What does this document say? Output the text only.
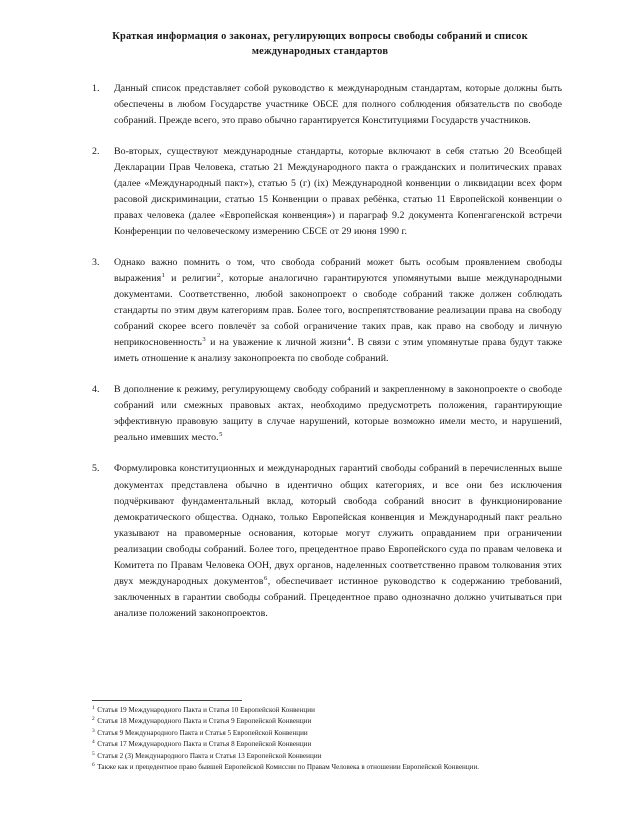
Краткая информация о законах, регулирующих вопросы свободы собраний и список международных стандартов
1.	Данный список представляет собой руководство к международным стандартам, которые должны быть обеспечены в любом Государстве участнике ОБСЕ для полного соблюдения обязательств по свободе собраний. Прежде всего, это право обычно гарантируется Конституциями Государств участников.
2.	Во-вторых, существуют международные стандарты, которые включают в себя статью 20 Всеобщей Декларации Прав Человека, статью 21 Международного пакта о гражданских и политических правах (далее «Международный пакт»), статью 5 (г) (ix) Международной конвенции о ликвидации всех форм расовой дискриминации, статью 15 Конвенции о правах ребёнка, статью 11 Европейской конвенции о правах человека (далее «Европейская конвенция») и параграф 9.2 документа Копенгагенской встречи Конференции по человеческому измерению СБСЕ от 29 июня 1990 г.
3.	Однако важно помнить о том, что свобода собраний может быть особым проявлением свободы выражения$^1$ и религии$^2$, которые аналогично гарантируются упомянутыми выше международными документами. Соответственно, любой законопроект о свободе собраний также должен соблюдать стандарты по этим двум категориям прав. Более того, воспрепятствование реализации права на свободу собраний скорее всего повлечёт за собой ограничение таких прав, как право на свободу и личную неприкосновенность$^3$ и на уважение к личной жизни$^4$. В связи с этим упомянутые права будут также иметь отношение к анализу законопроекта по свободе собраний.
4.	В дополнение к режиму, регулирующему свободу собраний и закрепленному в законопроекте о свободе собраний или смежных правовых актах, необходимо предусмотреть положения, гарантирующие эффективную правовую защиту в случае нарушений, которые возможно имели место, и нарушений, реально имевших место.$^5$
5.	Формулировка конституционных и международных гарантий свободы собраний в перечисленных выше документах представлена обычно в идентично общих категориях, и все они без исключения подчёркивают фундаментальный вклад, который свобода собраний вносит в функционирование демократического общества. Однако, только Европейская конвенция и Международный пакт реально указывают на правомерные основания, которые могут служить оправданием при ограничении реализации свободы собраний. Более того, прецедентное право Европейского суда по правам человека и Комитета по Правам Человека ООН, двух органов, наделенных соответственно правом толкования этих двух международных документов$^6$, обеспечивает истинное руководство к содержанию требований, заключенных в гарантии свободы собраний. Прецедентное право однозначно должно учитываться при анализе положений законопроектов.

$^1$ Статья 19 Международного Пакта и Статья 10 Европейской Конвенции

$^2$ Статья 18 Международного Пакта и Статья 9 Европейской Конвенции

$^3$ Статья 9 Международного Пакта и Статья 5 Европейской Конвенции

$^4$ Статья 17 Международного Пакта и Статья 8 Европейской Конвенции

$^5$ Статья 2 (3) Международного Пакта и Статья 13 Европейской Конвенции

$^6$ Также как и прецедентное право бывшей Европейской Комиссии по Правам Человека в отношении Европейской Конвенции.
